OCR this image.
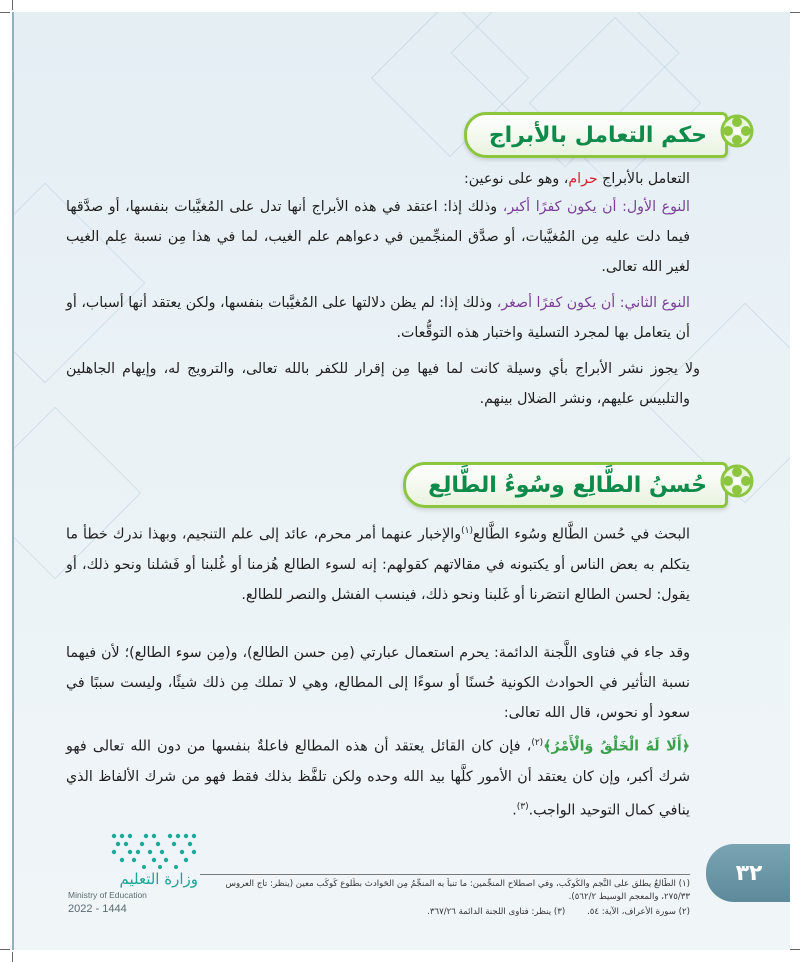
حكم التعامل بالأبراج
التعامل بالأبراج حرام، وهو على نوعين:
النوع الأول: أن يكون كفرًا أكبر، وذلك إذا: اعتقد في هذه الأبراج أنها تدل على المُغيَّبات بنفسها، أو صدَّقها فيما دلت عليه مِن المُغيَّبات، أو صدَّق المنجِّمين في دعواهم علم الغيب، لما في هذا مِن نسبة عِلم الغيب لغير الله تعالى.
النوع الثاني: أن يكون كفرًا أصغر، وذلك إذا: لم يظن دلالتها على المُغيَّبات بنفسها، ولكن يعتقد أنها أسباب، أو أن يتعامل بها لمجرد التسلية واختبار هذه التوقُّعات.
ولا يجوز نشر الأبراج بأي وسيلة كانت لما فيها مِن إقرار للكفر بالله تعالى، والترويج له، وإيهام الجاهلين والتلبيس عليهم، ونشر الضلال بينهم.
حُسنُ الطَّالِع وسُوءُ الطَّالِع
البحث في حُسن الطَّالع وسُوء الطَّالع$^{(١)}$والإخبار عنهما أمر محرم، عائد إلى علم التنجيم، وبهذا ندرك خطأ ما يتكلم به بعض الناس أو يكتبونه في مقالاتهم كقولهم: إنه لسوء الطالع هُزمنا أو غُلبنا أو فَشلنا ونحو ذلك، أو يقول: لحسن الطالع انتصَرنا أو غَلبنا ونحو ذلك، فينسب الفشل والنصر للطالع.
وقد جاء في فتاوى اللَّجنة الدائمة: يحرم استعمال عبارتي (مِن حسن الطالع)، و(مِن سوء الطالع)؛ لأن فيهما نسبة التأثير في الحوادث الكونية حُسنًا أو سوءًا إلى المطالع، وهي لا تملك مِن ذلك شيئًا، وليست سببًا في سعود أو نحوس، قال الله تعالى:
﴿أَلَا لَهُ الْخَلْقُ وَالْأَمْرُ﴾$^{(٢)}$، فإن كان القائل يعتقد أن هذه المطالع فاعلةٌ بنفسها من دون الله تعالى فهو شرك أكبر، وإن كان يعتقد أن الأمور كلَّها بيد الله وحده ولكن تلفَّظ بذلك فقط فهو من شرك الألفاظ الذي ينافي كمال التوحيد الواجب.$^{(٣)}$.
وزارة التعليم
Ministry of Education
2022 - 1444
(١) الطَّالعُ يطلق على النَّجم والكَوكَب، وفي اصطلاح المنجِّمين: ما تنبأ به المنجِّمُ مِن الحَوادث بطُلوع كَوكَب معين (ينظر: تاج العروس ٢٧٥/٣٣، والمعجم الوسيط ٥٦٢/٢).
(٢) سورة الأعراف، الآية: ٥٤.        (٣) ينظر: فتاوى اللجنة الدائمة ٣٦٧/٢٦.
٣٢
